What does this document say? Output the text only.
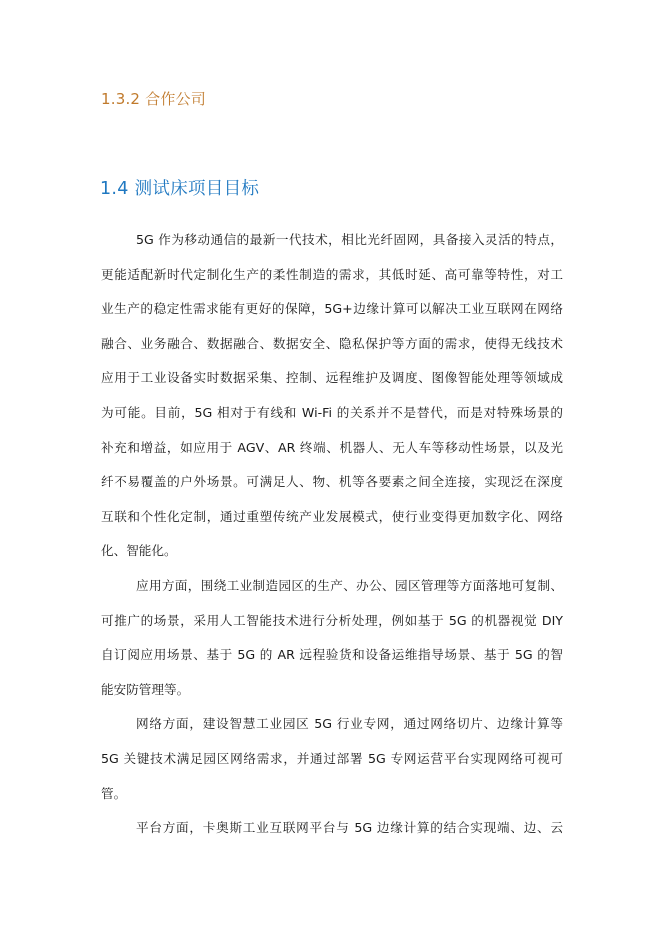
1.3.2 合作公司
1.4 测试床项目目标
5G 作为移动通信的最新一代技术，相比光纤固网，具备接入灵活的特点，
更能适配新时代定制化生产的柔性制造的需求，其低时延、高可靠等特性，对工
业生产的稳定性需求能有更好的保障，5G+边缘计算可以解决工业互联网在网络
融合、业务融合、数据融合、数据安全、隐私保护等方面的需求，使得无线技术
应用于工业设备实时数据采集、控制、远程维护及调度、图像智能处理等领域成
为可能。目前，5G 相对于有线和 Wi-Fi 的关系并不是替代，而是对特殊场景的
补充和增益，如应用于 AGV、AR 终端、机器人、无人车等移动性场景，以及光
纤不易覆盖的户外场景。可满足人、物、机等各要素之间全连接，实现泛在深度
互联和个性化定制，通过重塑传统产业发展模式，使行业变得更加数字化、网络
化、智能化。
应用方面，围绕工业制造园区的生产、办公、园区管理等方面落地可复制、
可推广的场景，采用人工智能技术进行分析处理，例如基于 5G 的机器视觉 DIY
自订阅应用场景、基于 5G 的 AR 远程验货和设备运维指导场景、基于 5G 的智
能安防管理等。
网络方面，建设智慧工业园区 5G 行业专网，通过网络切片、边缘计算等
5G 关键技术满足园区网络需求，并通过部署 5G 专网运营平台实现网络可视可
管。
平台方面，卡奥斯工业互联网平台与 5G 边缘计算的结合实现端、边、云
